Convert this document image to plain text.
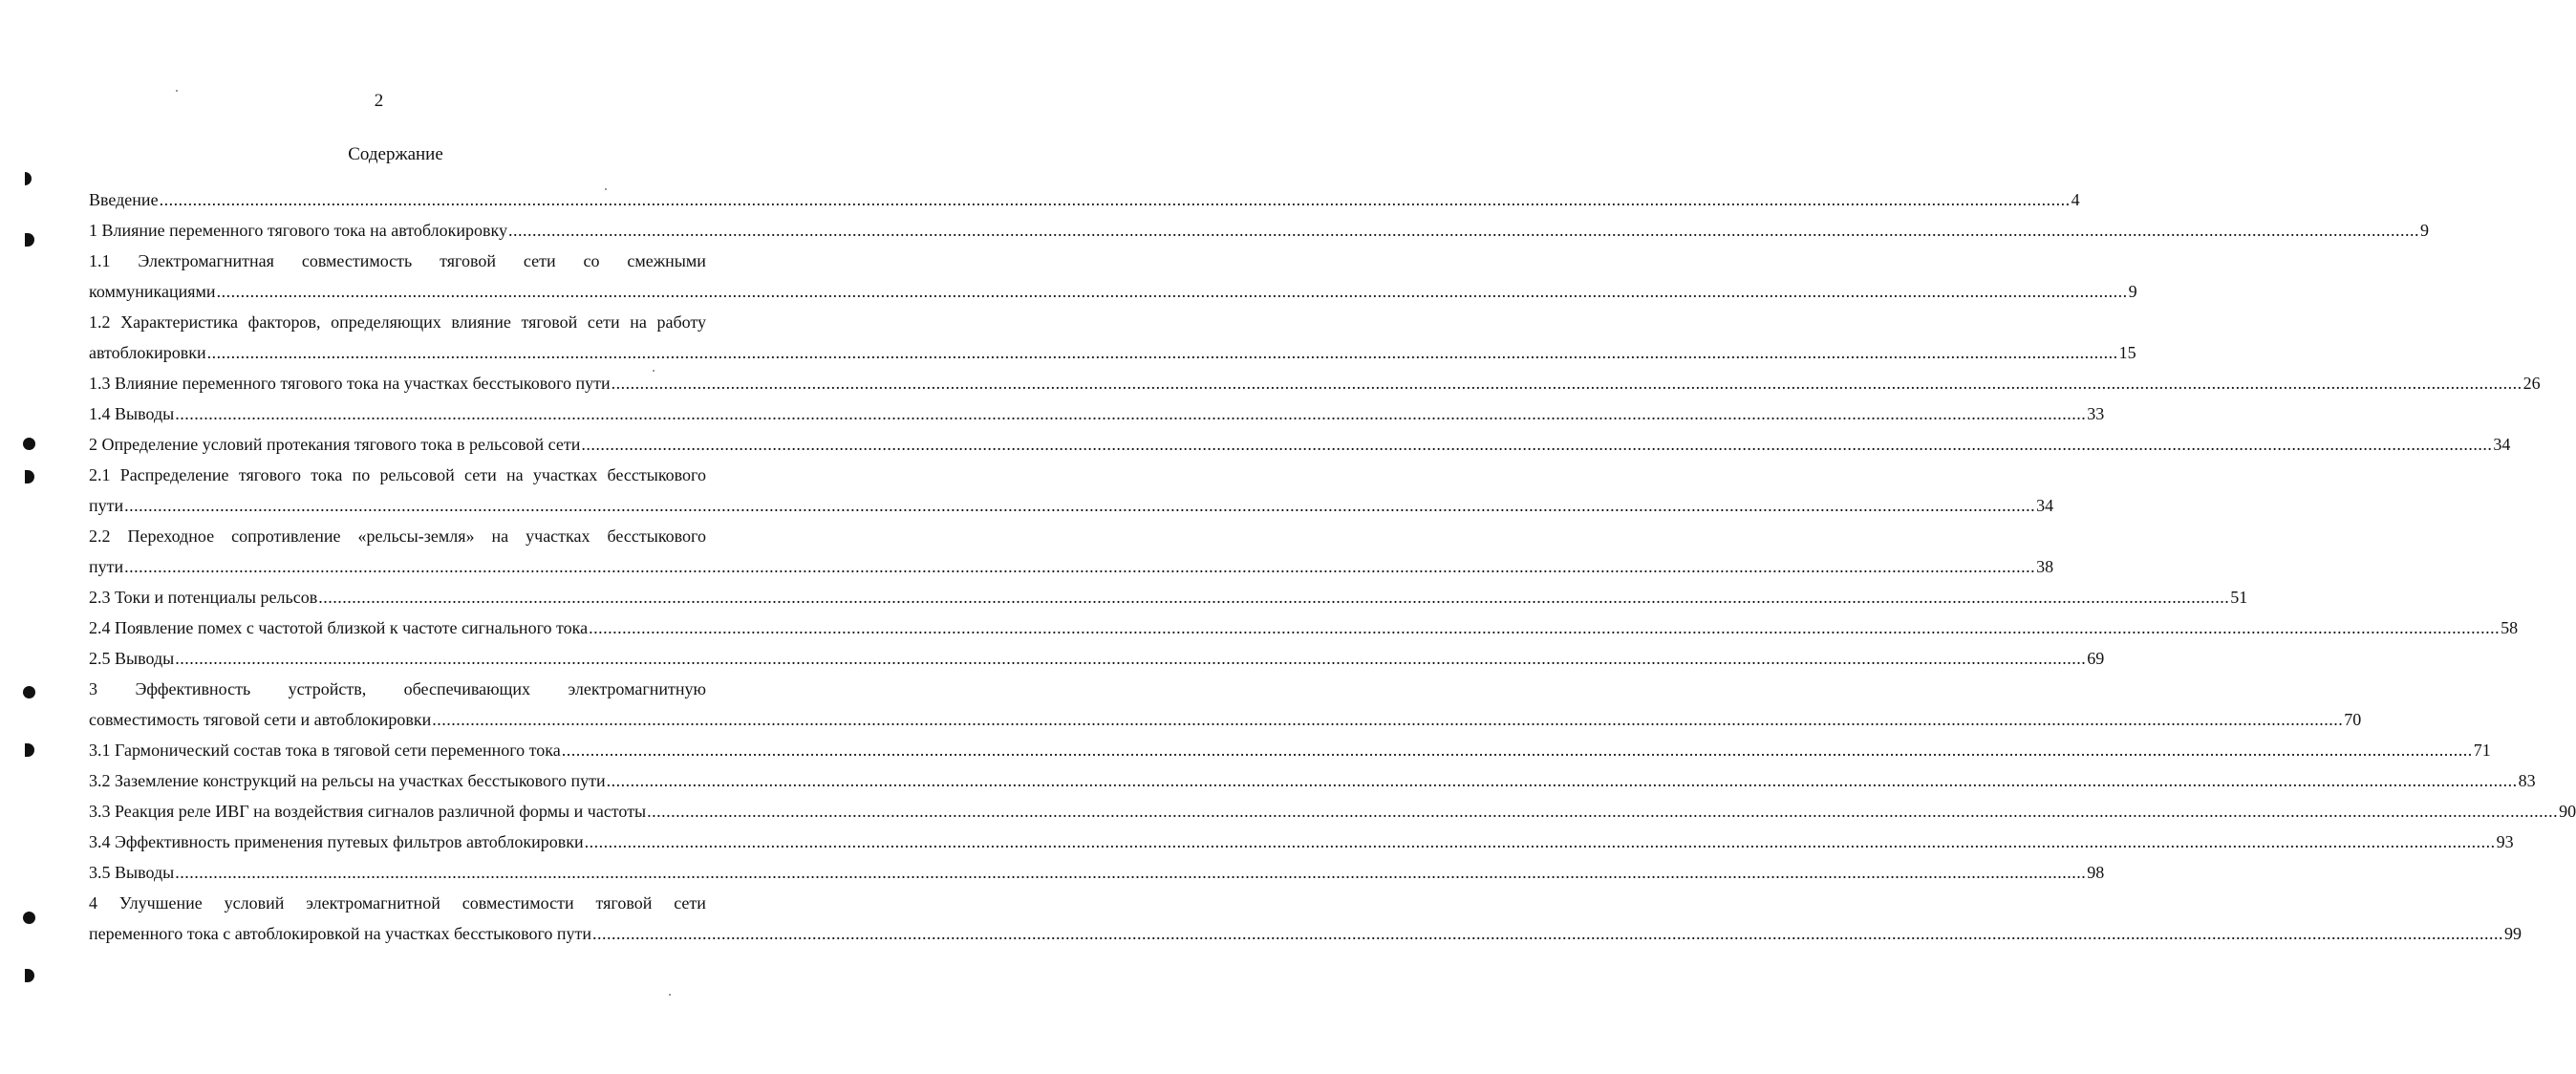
2
Содержание
Введение ................................................................................................................................................................................................................................................................................................................................................................................................................ 4
1 Влияние переменного тягового тока на автоблокировку ................................................................................................................................................................................................................................................................................................................................................................................................................ 9
1.1 Электромагнитная совместимость тяговой сети со смежными
коммуникациями ................................................................................................................................................................................................................................................................................................................................................................................................................ 9
1.2 Характеристика факторов, определяющих влияние тяговой сети на работу
автоблокировки ................................................................................................................................................................................................................................................................................................................................................................................................................ 15
1.3 Влияние переменного тягового тока на участках бесстыкового пути ................................................................................................................................................................................................................................................................................................................................................................................................................ 26
1.4 Выводы ................................................................................................................................................................................................................................................................................................................................................................................................................ 33
2 Определение условий протекания тягового тока в рельсовой сети ................................................................................................................................................................................................................................................................................................................................................................................................................ 34
2.1 Распределение тягового тока по рельсовой сети на участках бесстыкового
пути ................................................................................................................................................................................................................................................................................................................................................................................................................ 34
2.2 Переходное сопротивление «рельсы-земля» на участках бесстыкового
пути ................................................................................................................................................................................................................................................................................................................................................................................................................ 38
2.3 Токи и потенциалы рельсов ................................................................................................................................................................................................................................................................................................................................................................................................................ 51
2.4 Появление помех с частотой близкой к частоте сигнального тока ................................................................................................................................................................................................................................................................................................................................................................................................................ 58
2.5 Выводы ................................................................................................................................................................................................................................................................................................................................................................................................................ 69
3 Эффективность устройств, обеспечивающих электромагнитную
совместимость тяговой сети и автоблокировки ................................................................................................................................................................................................................................................................................................................................................................................................................ 70
3.1 Гармонический состав тока в тяговой сети переменного тока ................................................................................................................................................................................................................................................................................................................................................................................................................ 71
3.2 Заземление конструкций на рельсы на участках бесстыкового пути ................................................................................................................................................................................................................................................................................................................................................................................................................ 83
3.3 Реакция реле ИВГ на воздействия сигналов различной формы и частоты ................................................................................................................................................................................................................................................................................................................................................................................................................ 90
3.4 Эффективность применения путевых фильтров автоблокировки ................................................................................................................................................................................................................................................................................................................................................................................................................ 93
3.5 Выводы ................................................................................................................................................................................................................................................................................................................................................................................................................ 98
4 Улучшение условий электромагнитной совместимости тяговой сети
переменного тока с автоблокировкой на участках бесстыкового пути ................................................................................................................................................................................................................................................................................................................................................................................................................ 99
